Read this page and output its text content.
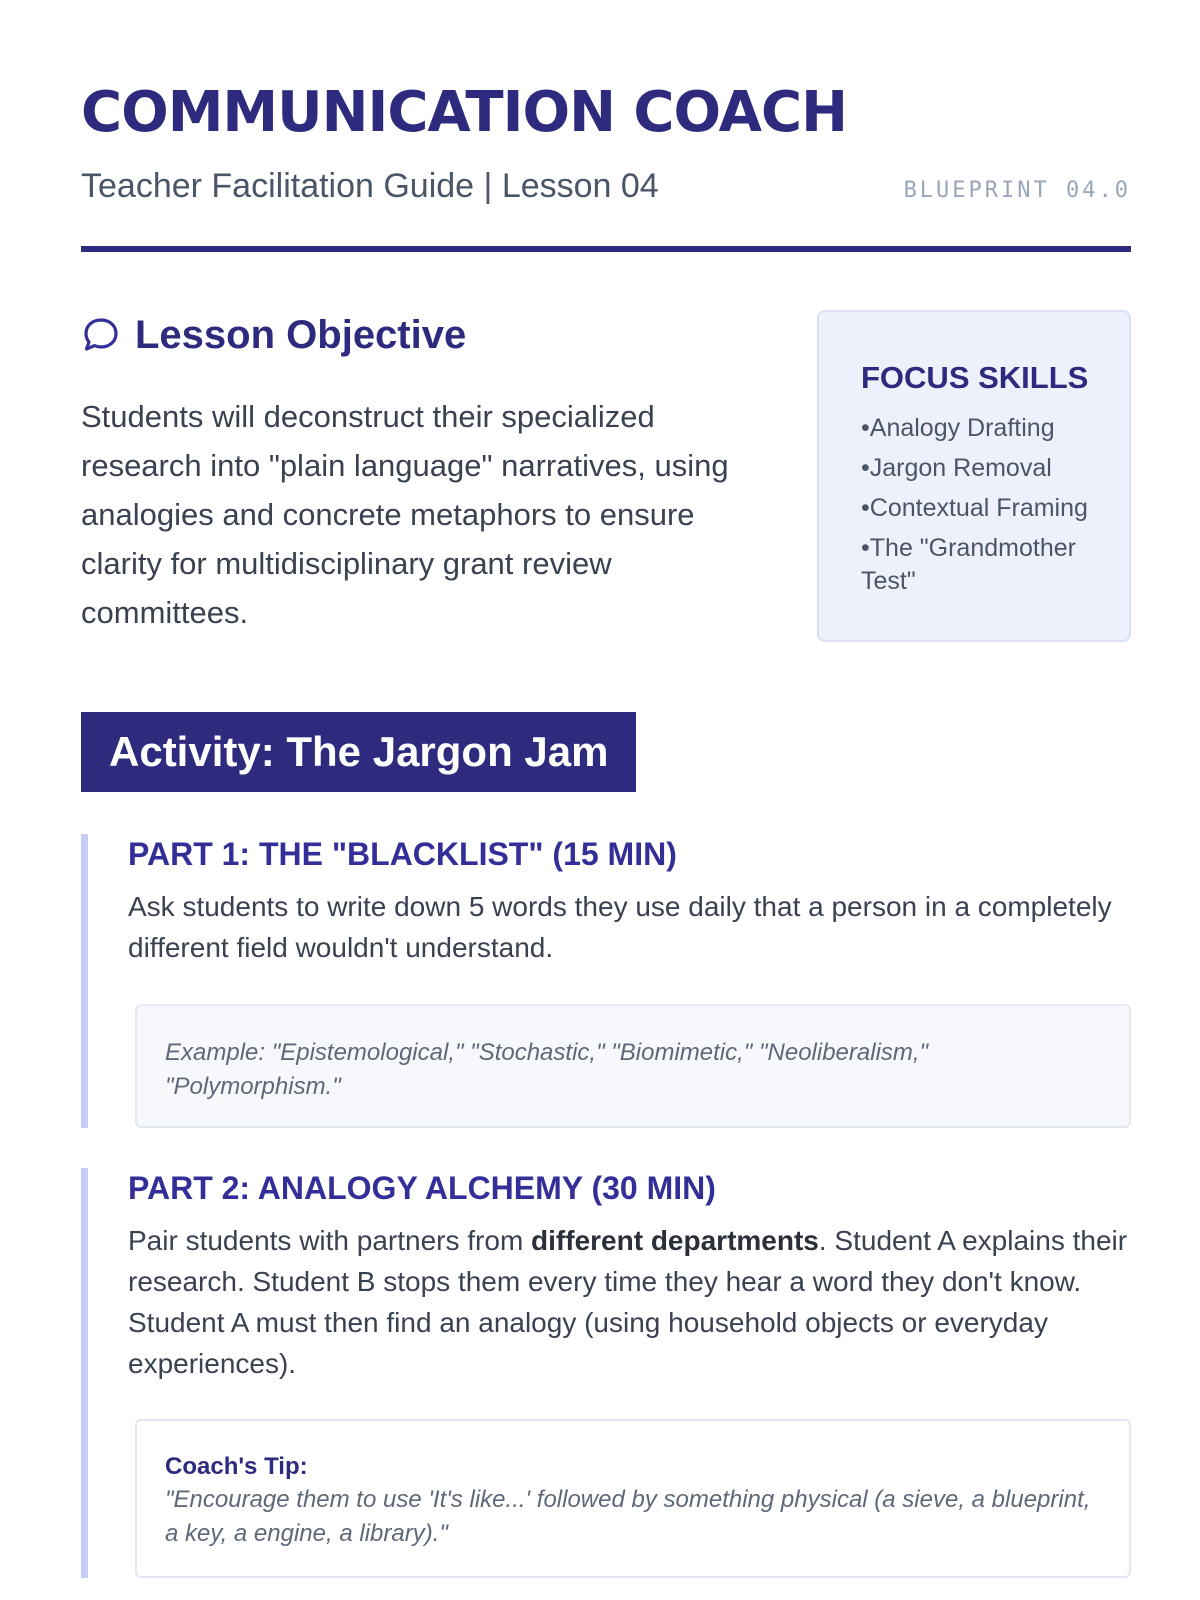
COMMUNICATION COACH
Teacher Facilitation Guide | Lesson 04	BLUEPRINT 04.0
Lesson Objective

Students will deconstruct their specialized research into "plain language" narratives, using analogies and concrete metaphors to ensure clarity for multidisciplinary grant review committees.

FOCUS SKILLS
• Analogy Drafting
• Jargon Removal
• Contextual Framing
• The "Grandmother Test"
Activity: The Jargon Jam
PART 1: THE "BLACKLIST" (15 MIN)

Ask students to write down 5 words they use daily that a person in a completely different field wouldn't understand.

Example: "Epistemological," "Stochastic," "Biomimetic," "Neoliberalism," "Polymorphism."
PART 2: ANALOGY ALCHEMY (30 MIN)

Pair students with partners from different departments. Student A explains their research. Student B stops them every time they hear a word they don't know. Student A must then find an analogy (using household objects or everyday experiences).

Coach's Tip:
"Encourage them to use 'It's like...' followed by something physical (a sieve, a blueprint, a key, a engine, a library)."
